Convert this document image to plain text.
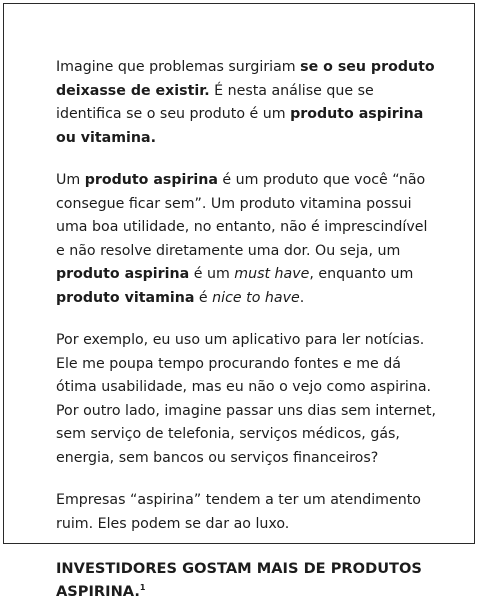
Imagine que problemas surgiriam se o seu produto deixasse de existir. É nesta análise que se identifica se o seu produto é um produto aspirina ou vitamina.

Um produto aspirina é um produto que você “não consegue ficar sem”. Um produto vitamina possui uma boa utilidade, no entanto, não é imprescindível e não resolve diretamente uma dor. Ou seja, um produto aspirina é um must have, enquanto um produto vitamina é nice to have.

Por exemplo, eu uso um aplicativo para ler notícias. Ele me poupa tempo procurando fontes e me dá ótima usabilidade, mas eu não o vejo como aspirina. Por outro lado, imagine passar uns dias sem internet, sem serviço de telefonia, serviços médicos, gás, energia, sem bancos ou serviços financeiros?

Empresas “aspirina” tendem a ter um atendimento ruim. Eles podem se dar ao luxo.

INVESTIDORES GOSTAM MAIS DE PRODUTOS ASPIRINA.$^1$
